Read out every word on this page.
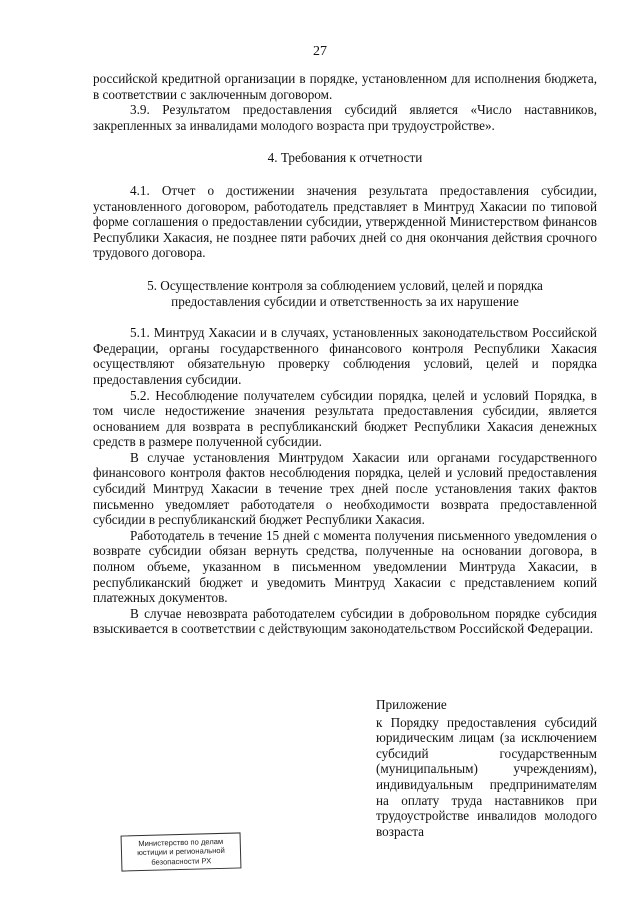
27

российской кредитной организации в порядке, установленном для исполнения бюджета, в соответствии с заключенным договором.

3.9. Результатом предоставления субсидий является «Число наставников, закрепленных за инвалидами молодого возраста при трудоустройстве».

4. Требования к отчетности

4.1. Отчет о достижении значения результата предоставления субсидии, установленного договором, работодатель представляет в Минтруд Хакасии по типовой форме соглашения о предоставлении субсидии, утвержденной Министерством финансов Республики Хакасия, не позднее пяти рабочих дней со дня окончания действия срочного трудового договора.

5. Осуществление контроля за соблюдением условий, целей и порядка

предоставления субсидии и ответственность за их нарушение

5.1. Минтруд Хакасии и в случаях, установленных законодательством Российской Федерации, органы государственного финансового контроля Республики Хакасия осуществляют обязательную проверку соблюдения условий, целей и порядка предоставления субсидии.

5.2. Несоблюдение получателем субсидии порядка, целей и условий Порядка, в том числе недостижение значения результата предоставления субсидии, является основанием для возврата в республиканский бюджет Республики Хакасия денежных средств в размере полученной субсидии.

В случае установления Минтрудом Хакасии или органами государственного финансового контроля фактов несоблюдения порядка, целей и условий предоставления субсидий Минтруд Хакасии в течение трех дней после установления таких фактов письменно уведомляет работодателя о необходимости возврата предоставленной субсидии в республиканский бюджет Республики Хакасия.

Работодатель в течение 15 дней с момента получения письменного уведомления о возврате субсидии обязан вернуть средства, полученные на основании договора, в полном объеме, указанном в письменном уведомлении Минтруда Хакасии, в республиканский бюджет и уведомить Минтруд Хакасии с представлением копий платежных документов.

В случае невозврата работодателем субсидии в добровольном порядке субсидия взыскивается в соответствии с действующим законодательством Российской Федерации.

Приложение

к Порядку предоставления субсидий юридическим лицам (за исключением субсидий государственным (муниципальным) учреждениям), индивидуальным предпринимателям на оплату труда наставников при трудоустройстве инвалидов молодого возраста

Министерство по делам
юстиции и региональной
безопасности РХ
